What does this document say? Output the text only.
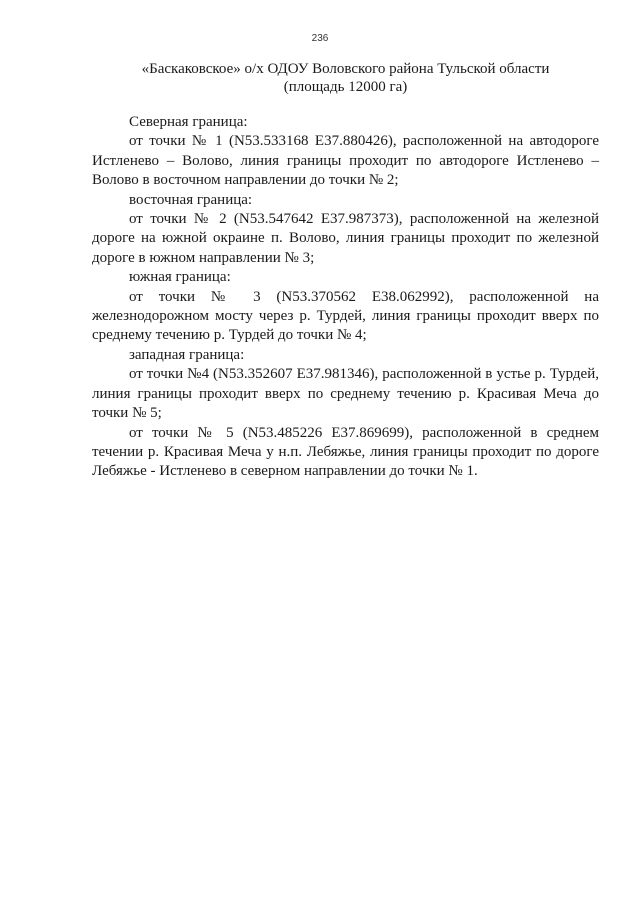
236
«Баскаковское» о/х ОДОУ Воловского района Тульской области
(площадь 12000 га)

Северная граница:

от точки № 1 (N53.533168 E37.880426), расположенной на автодороге Истленево – Волово, линия границы проходит по автодороге Истленево – Волово в восточном направлении до точки № 2;

восточная граница:

от точки № 2 (N53.547642 E37.987373), расположенной на железной дороге на южной окраине п. Волово, линия границы проходит по железной дороге в южном направлении № 3;

южная граница:

от точки № 3 (N53.370562 E38.062992), расположенной на железнодорожном мосту через р. Турдей, линия границы проходит вверх по среднему течению р. Турдей до точки № 4;

западная граница:

от точки №4 (N53.352607 E37.981346), расположенной в устье р. Турдей, линия границы проходит вверх по среднему течению р. Красивая Меча до точки № 5;

от точки № 5 (N53.485226 E37.869699), расположенной в среднем течении р. Красивая Меча у н.п. Лебяжье, линия границы проходит по дороге Лебяжье - Истленево в северном направлении до точки № 1.
